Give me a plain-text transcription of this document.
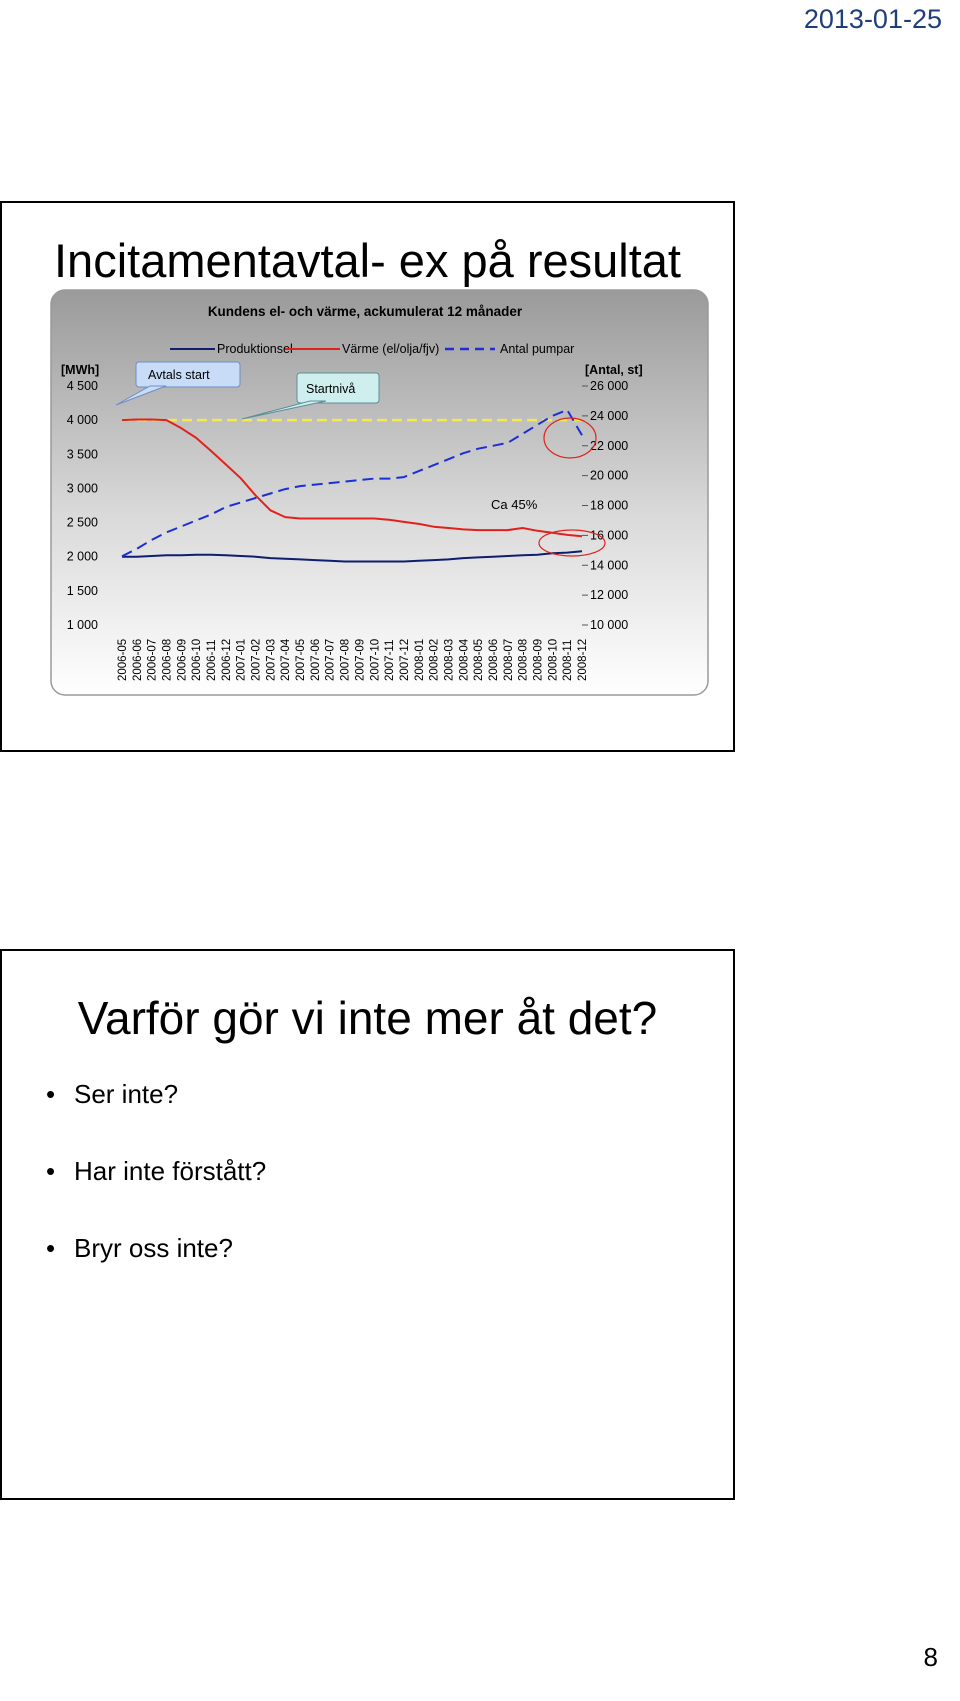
2013-01-25
Incitamentavtal- ex på resultat
Kundens el- och värme, ackumulerat 12 månader
Produktionsel	Värme (el/olja/fjv)	Antal pumpar
[MWh]	[Antal, st]
1 000
1 500
2 000
2 500
3 000
3 500
4 000
4 500
10 000
12 000
14 000
16 000
18 000
20 000
22 000
24 000
26 000
2006-05 2006-06 2006-07 2006-08 2006-09 2006-10 2006-11 2006-12 2007-01 2007-02 2007-03 2007-04 2007-05 2007-06 2007-07 2007-08 2007-09 2007-10 2007-11 2007-12 2008-01 2008-02 2008-03 2008-04 2008-05 2008-06 2008-07 2008-08 2008-09 2008-10 2008-11 2008-12
Avtals start
Startnivå
Ca 45%
Varför gör vi inte mer åt det?
• Ser inte?
• Har inte förstått?
• Bryr oss inte?
8
